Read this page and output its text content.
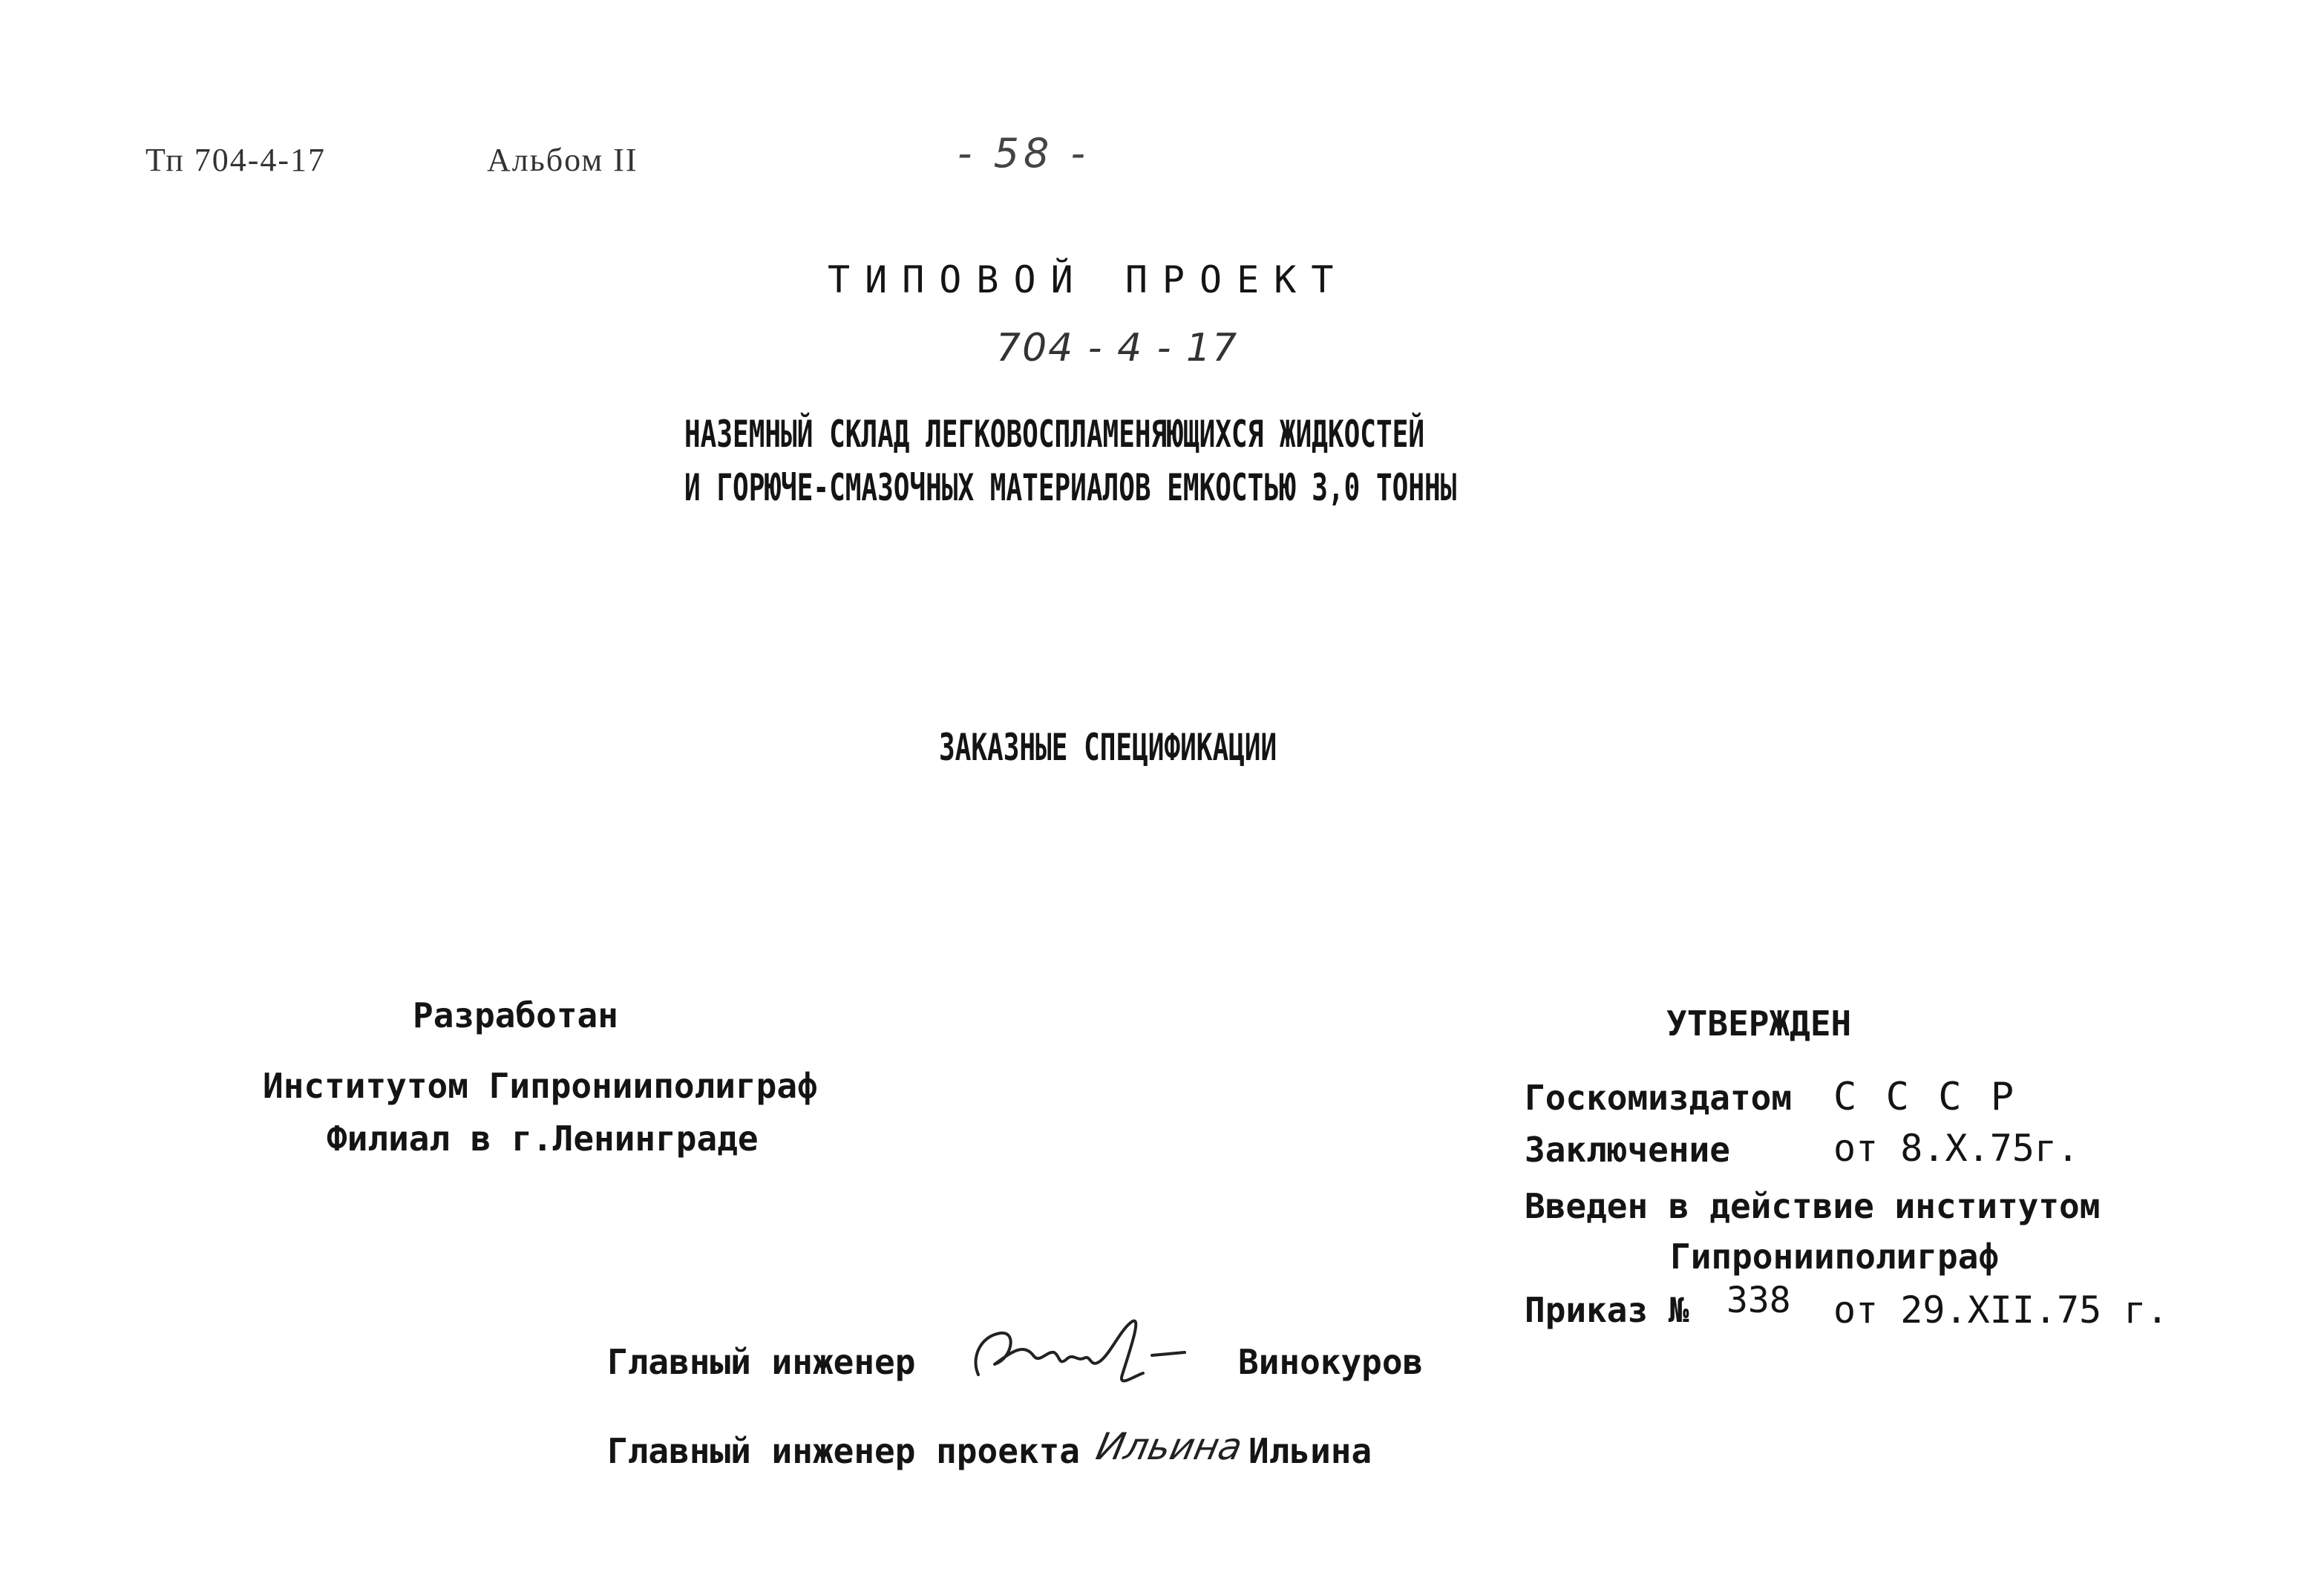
Тп 704-4-17	Альбом II	- 58 -
ТИПОВОЙ ПРОЕКТ
704 - 4 - 17
НАЗЕМНЫЙ СКЛАД ЛЕГКОВОСПЛАМЕНЯЮЩИХСЯ ЖИДКОСТЕЙ
И ГОРЮЧЕ-СМАЗОЧНЫХ МАТЕРИАЛОВ ЕМКОСТЬЮ 3,0 ТОННЫ
ЗАКАЗНЫЕ СПЕЦИФИКАЦИИ
Разработан
Институтом Гипронииполиграф
Филиал в г.Ленинграде
УТВЕРЖДЕН
Госкомиздатом С С С Р
Заключение	от 8.Х.75г.
Введен в действие институтом
Гипронииполиграф
Приказ № 338 от 29.ХII.75 г.
Главный инженер	Винокуров
Главный инженер проекта Ильина Ильина
